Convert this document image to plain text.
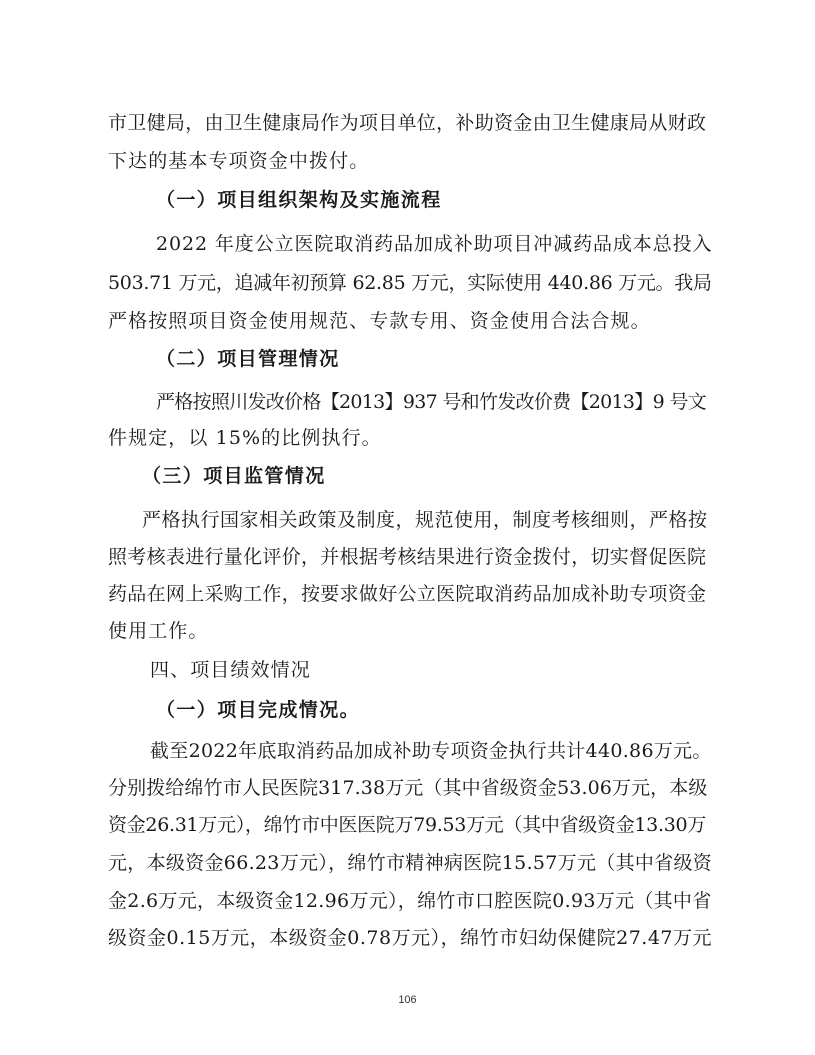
市卫健局，由卫生健康局作为项目单位，补助资金由卫生健康局从财政
下达的基本专项资金中拨付。
（一）项目组织架构及实施流程
2022 年度公立医院取消药品加成补助项目冲减药品成本总投入
503.71 万元，追减年初预算 62.85 万元，实际使用 440.86 万元。我局
严格按照项目资金使用规范、专款专用、资金使用合法合规。
（二）项目管理情况
严格按照川发改价格【2013】937 号和竹发改价费【2013】9 号文
件规定，以 15%的比例执行。
（三）项目监管情况
严格执行国家相关政策及制度，规范使用，制度考核细则，严格按
照考核表进行量化评价，并根据考核结果进行资金拨付，切实督促医院
药品在网上采购工作，按要求做好公立医院取消药品加成补助专项资金
使用工作。
四、项目绩效情况
（一）项目完成情况。
截至2022年底取消药品加成补助专项资金执行共计440.86万元。
分别拨给绵竹市人民医院317.38万元（其中省级资金53.06万元，本级
资金26.31万元），绵竹市中医医院万79.53万元（其中省级资金13.30万
元，本级资金66.23万元），绵竹市精神病医院15.57万元（其中省级资
金2.6万元，本级资金12.96万元），绵竹市口腔医院0.93万元（其中省
级资金0.15万元，本级资金0.78万元），绵竹市妇幼保健院27.47万元
106
